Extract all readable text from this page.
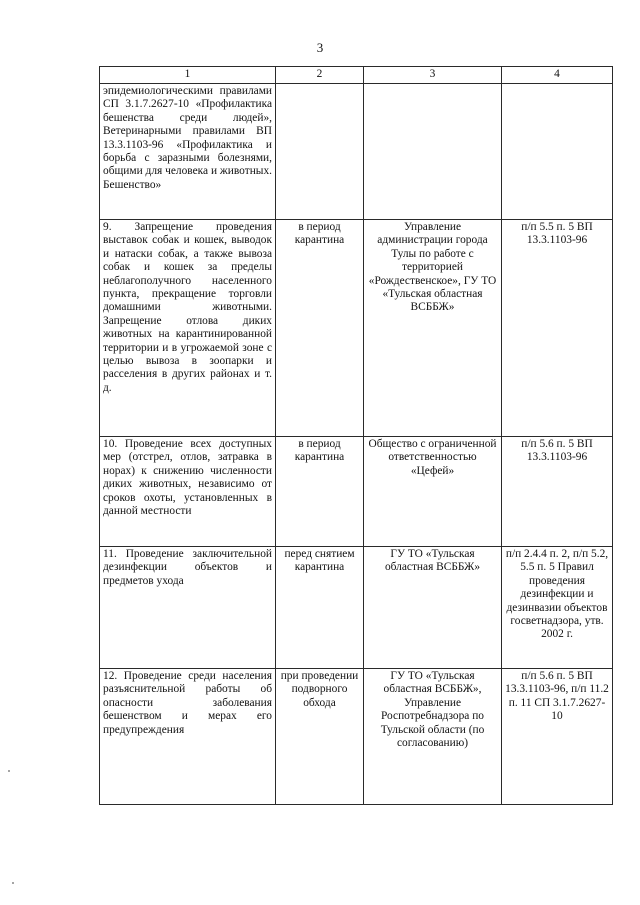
3
1	2	3	4

эпидемиологическими правилами СП 3.1.7.2627-10 «Профилактика бешенства среди людей», Ветеринарными правилами ВП 13.3.1103-96 «Профилактика и борьба с заразными болезнями, общими для человека и животных. Бешенство»			

9. Запрещение проведения выставок собак и кошек, выводок и натаски собак, а также вывоза собак и кошек за пределы неблагополучного населенного пункта, прекращение торговли домашними животными. Запрещение отлова диких животных на карантинированной территории и в угрожаемой зоне с целью вывоза в зоопарки и расселения в других районах и т. д.	в период карантина	Управление администрации города Тулы по работе с территорией «Рождественское», ГУ ТО «Тульская областная ВСББЖ»	п/п 5.5 п. 5 ВП 13.3.1103-96

10. Проведение всех доступных мер (отстрел, отлов, затравка в норах) к снижению численности диких животных, независимо от сроков охоты, установленных в данной местности	в период карантина	Общество с ограниченной ответственностью «Цефей»	п/п 5.6 п. 5 ВП 13.3.1103-96

11. Проведение заключительной дезинфекции объектов и предметов ухода	перед снятием карантина	ГУ ТО «Тульская областная ВСББЖ»	п/п 2.4.4 п. 2, п/п 5.2, 5.5 п. 5 Правил проведения дезинфекции и дезинвазии объектов госветнадзора, утв. 2002 г.

12. Проведение среди населения разъяснительной работы об опасности заболевания бешенством и мерах его предупреждения	при проведении подворного обхода	ГУ ТО «Тульская областная ВСББЖ», Управление Роспотребнадзора по Тульской области (по согласованию)	п/п 5.6 п. 5 ВП 13.3.1103-96, п/п 11.2 п. 11 СП 3.1.7.2627-10
